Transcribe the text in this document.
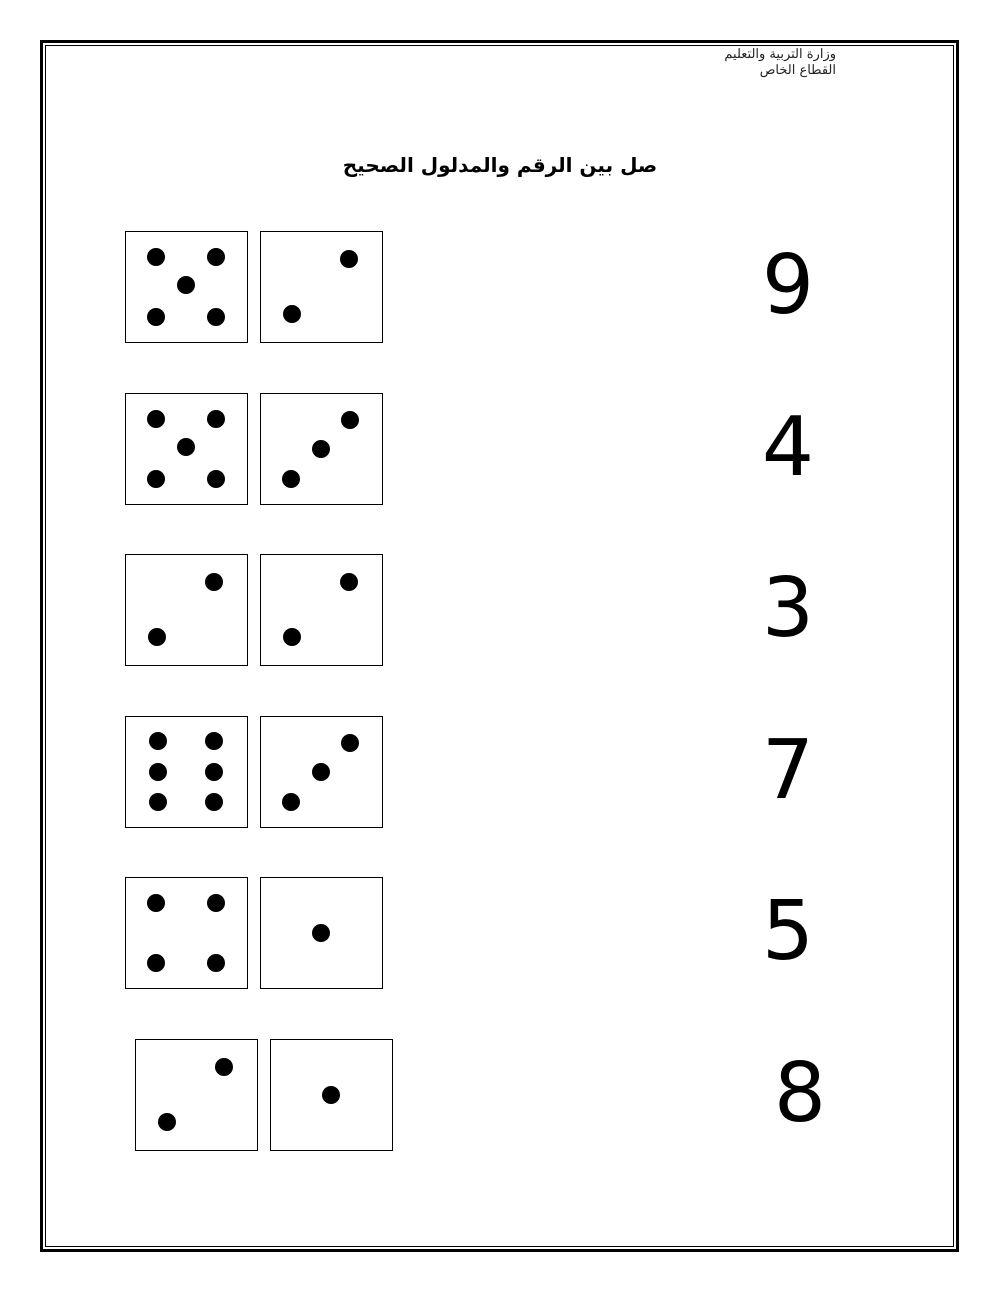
وزارة التربية والتعليم
القطاع الخاص
صل بين الرقم والمدلول الصحيح
9
4
3
7
5
8
